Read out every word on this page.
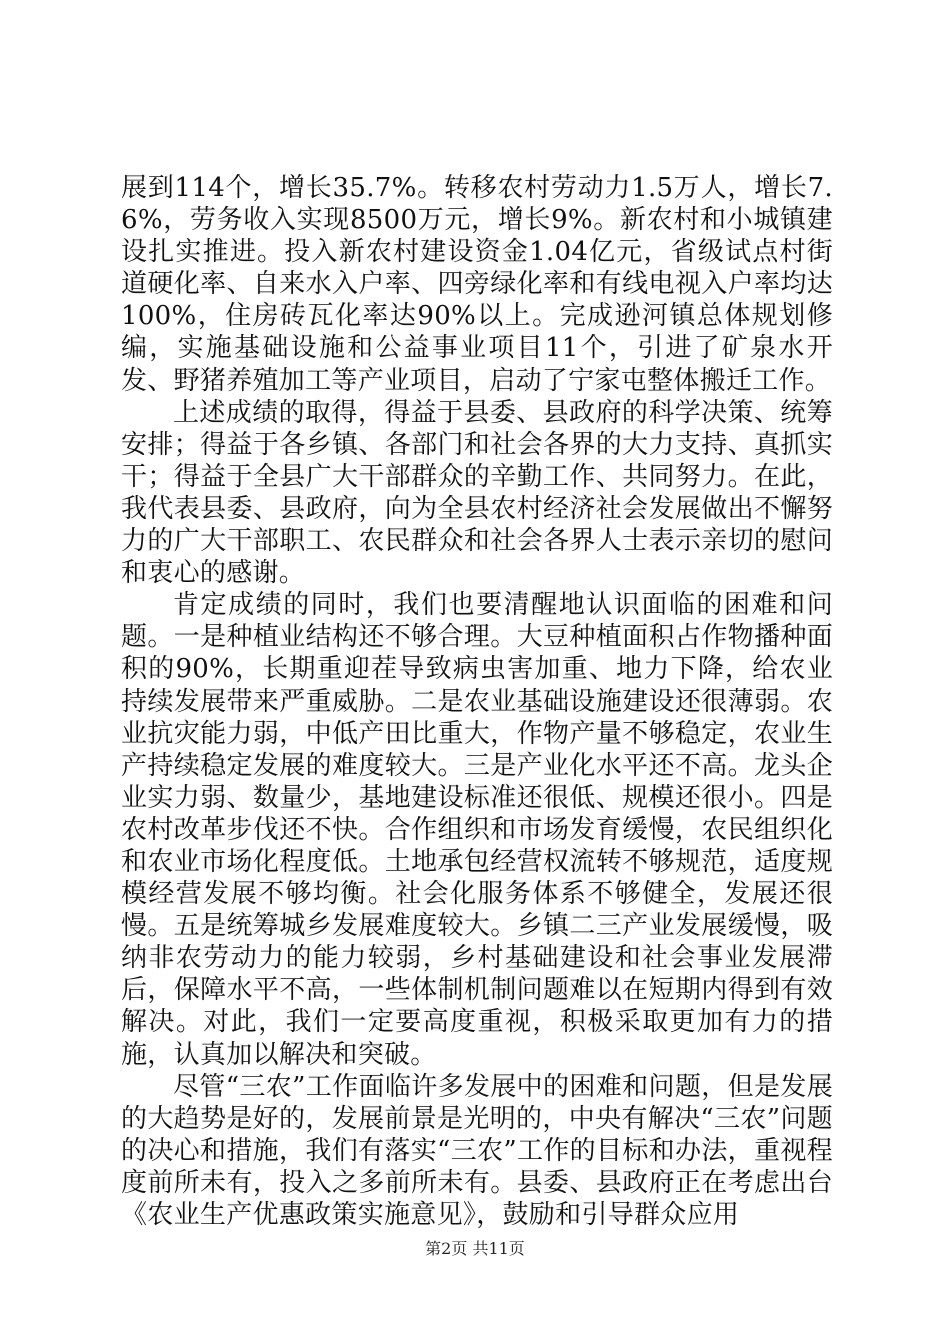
展到114个，增长35.7%。转移农村劳动力1.5万人，增长7.6%，劳务收入实现8500万元，增长9%。新农村和小城镇建设扎实推进。投入新农村建设资金1.04亿元，省级试点村街道硬化率、自来水入户率、四旁绿化率和有线电视入户率均达100%，住房砖瓦化率达90%以上。完成逊河镇总体规划修编，实施基础设施和公益事业项目11个，引进了矿泉水开发、野猪养殖加工等产业项目，启动了宁家屯整体搬迁工作。

上述成绩的取得，得益于县委、县政府的科学决策、统筹安排；得益于各乡镇、各部门和社会各界的大力支持、真抓实干；得益于全县广大干部群众的辛勤工作、共同努力。在此，我代表县委、县政府，向为全县农村经济社会发展做出不懈努力的广大干部职工、农民群众和社会各界人士表示亲切的慰问和衷心的感谢。

肯定成绩的同时，我们也要清醒地认识面临的困难和问题。一是种植业结构还不够合理。大豆种植面积占作物播种面积的90%，长期重迎茬导致病虫害加重、地力下降，给农业持续发展带来严重威胁。二是农业基础设施建设还很薄弱。农业抗灾能力弱，中低产田比重大，作物产量不够稳定，农业生产持续稳定发展的难度较大。三是产业化水平还不高。龙头企业实力弱、数量少，基地建设标准还很低、规模还很小。四是农村改革步伐还不快。合作组织和市场发育缓慢，农民组织化和农业市场化程度低。土地承包经营权流转不够规范，适度规模经营发展不够均衡。社会化服务体系不够健全，发展还很慢。五是统筹城乡发展难度较大。乡镇二三产业发展缓慢，吸纳非农劳动力的能力较弱，乡村基础建设和社会事业发展滞后，保障水平不高，一些体制机制问题难以在短期内得到有效解决。对此，我们一定要高度重视，积极采取更加有力的措施，认真加以解决和突破。

尽管“三农”工作面临许多发展中的困难和问题，但是发展的大趋势是好的，发展前景是光明的，中央有解决“三农”问题的决心和措施，我们有落实“三农”工作的目标和办法，重视程度前所未有，投入之多前所未有。县委、县政府正在考虑出台《农业生产优惠政策实施意见》，鼓励和引导群众应用

第2页 共11页
